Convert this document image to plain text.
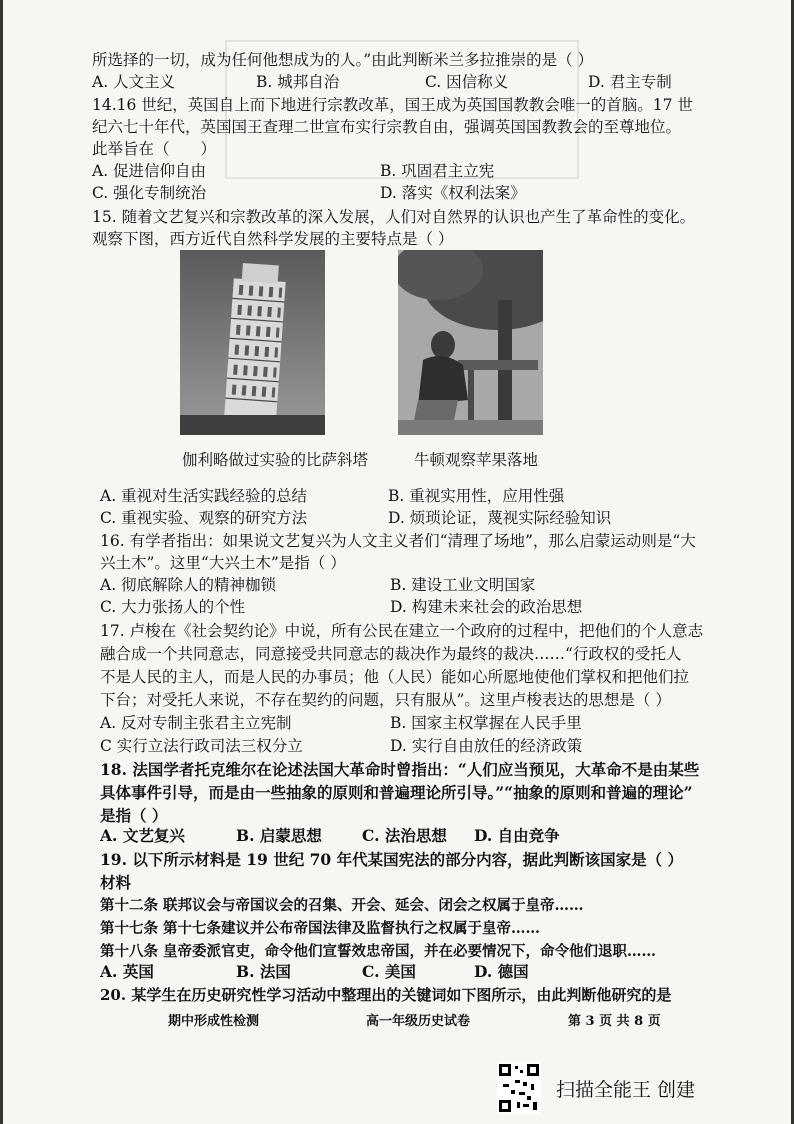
所选择的一切，成为任何他想成为的人。”由此判断米兰多拉推崇的是（ ）
A. 人文主义	B. 城邦自治	C. 因信称义	D. 君主专制
14.16 世纪，英国自上而下地进行宗教改革，国王成为英国国教教会唯一的首脑。17 世
纪六七十年代，英国国王查理二世宣布实行宗教自由，强调英国国教教会的至尊地位。
此举旨在（　　）
A. 促进信仰自由	B. 巩固君主立宪
C. 强化专制统治	D. 落实《权利法案》
15. 随着文艺复兴和宗教改革的深入发展，人们对自然界的认识也产生了革命性的变化。
观察下图，西方近代自然科学发展的主要特点是（ ）
伽利略做过实验的比萨斜塔	牛顿观察苹果落地
A. 重视对生活实践经验的总结	B. 重视实用性，应用性强
C. 重视实验、观察的研究方法	D. 烦琐论证，蔑视实际经验知识
16. 有学者指出：如果说文艺复兴为人文主义者们“清理了场地”，那么启蒙运动则是“大
兴土木”。这里“大兴土木”是指（ ）
A. 彻底解除人的精神枷锁	B. 建设工业文明国家
C. 大力张扬人的个性	D. 构建未来社会的政治思想
17. 卢梭在《社会契约论》中说，所有公民在建立一个政府的过程中，把他们的个人意志
融合成一个共同意志，同意接受共同意志的裁决作为最终的裁决……“行政权的受托人
不是人民的主人，而是人民的办事员；他（人民）能如心所愿地使他们掌权和把他们拉
下台；对受托人来说，不存在契约的问题，只有服从”。这里卢梭表达的思想是（ ）
A. 反对专制主张君主立宪制	B. 国家主权掌握在人民手里
C 实行立法行政司法三权分立	D. 实行自由放任的经济政策
18. 法国学者托克维尔在论述法国大革命时曾指出：“人们应当预见，大革命不是由某些
具体事件引导，而是由一些抽象的原则和普遍理论所引导。”“抽象的原则和普遍的理论”
是指（ ）
A. 文艺复兴	B. 启蒙思想	C. 法治思想 D. 自由竞争
19. 以下所示材料是 19 世纪 70 年代某国宪法的部分内容，据此判断该国家是（ ）
材料
第十二条 联邦议会与帝国议会的召集、开会、延会、闭会之权属于皇帝……
第十七条 第十七条建议并公布帝国法律及监督执行之权属于皇帝……
第十八条 皇帝委派官吏，命令他们宣誓效忠帝国，并在必要情况下，命令他们退职……
A. 英国	B. 法国	C. 美国	D. 德国
20. 某学生在历史研究性学习活动中整理出的关键词如下图所示，由此判断他研究的是
期中形成性检测	高一年级历史试卷	第 3 页 共 8 页
扫描全能王 创建
